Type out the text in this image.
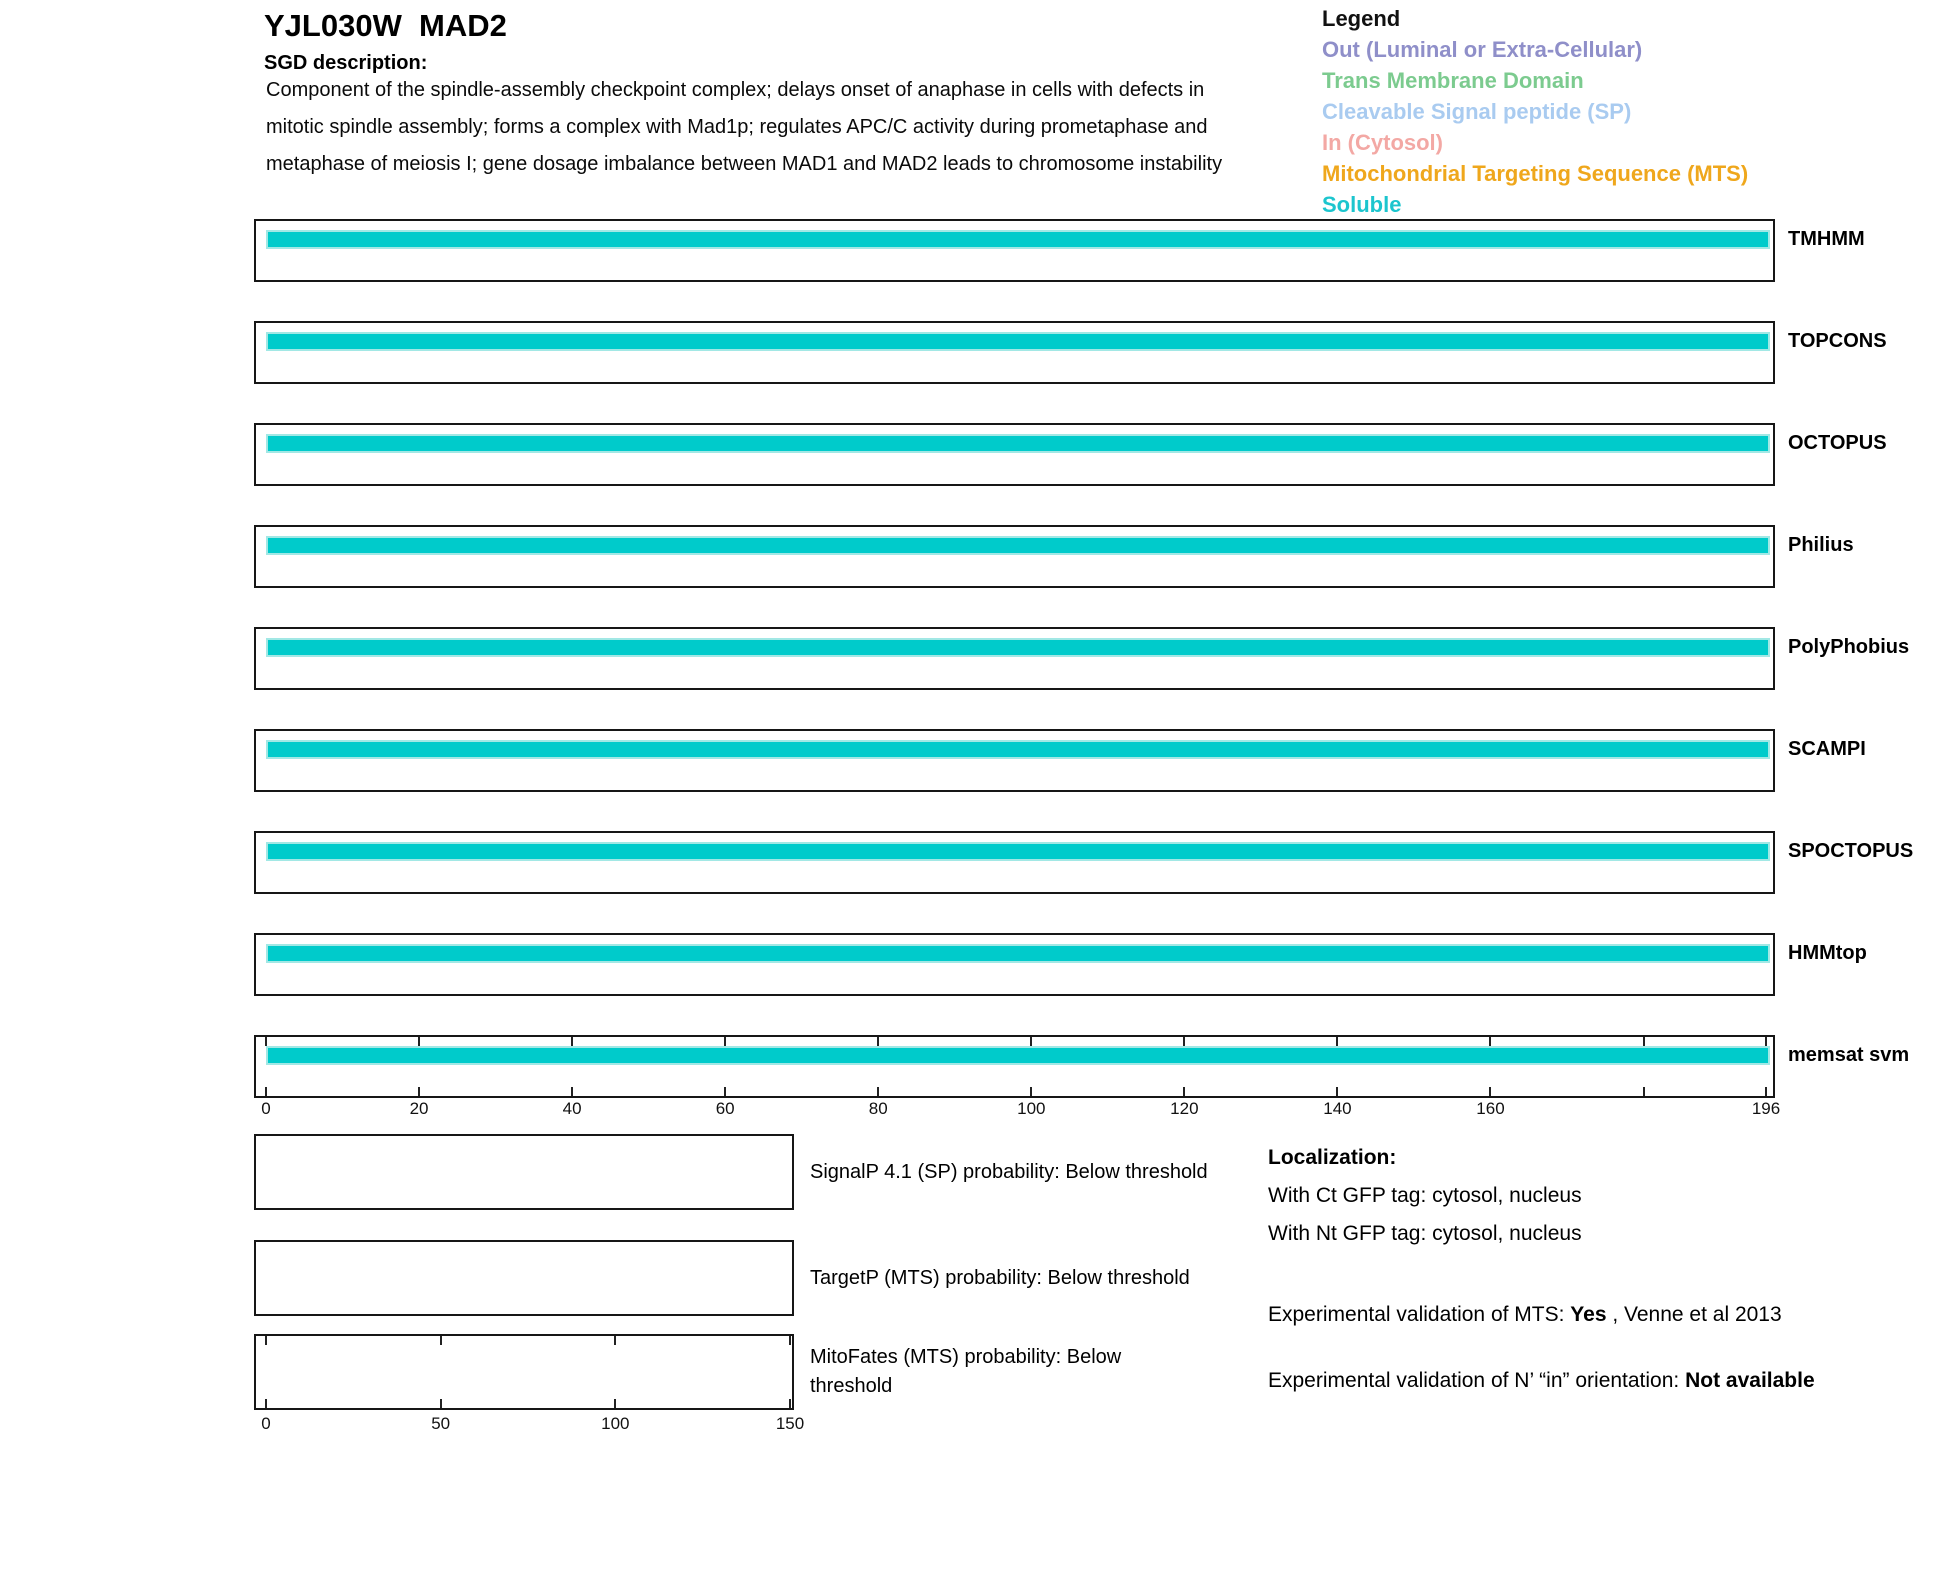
YJL030W  MAD2
SGD description:
Component of the spindle-assembly checkpoint complex; delays onset of anaphase in cells with defects in
mitotic spindle assembly; forms a complex with Mad1p; regulates APC/C activity during prometaphase and
metaphase of meiosis I; gene dosage imbalance between MAD1 and MAD2 leads to chromosome instability
Legend
Out (Luminal or Extra-Cellular)
Trans Membrane Domain
Cleavable Signal peptide (SP)
In (Cytosol)
Mitochondrial Targeting Sequence (MTS)
Soluble
Localization:
With Ct GFP tag: cytosol, nucleus
With Nt GFP tag: cytosol, nucleus
Experimental validation of MTS: Yes , Venne et al 2013
Experimental validation of N’ “in” orientation: Not available
TMHMM
TOPCONS
OCTOPUS
Philius
PolyPhobius
SCAMPI
SPOCTOPUS
HMMtop
memsat svm
0	20	40	60	80	100	120	140	160	196
SignalP 4.1 (SP) probability: Below threshold
TargetP (MTS) probability: Below threshold
0	50	100	150
MitoFates (MTS) probability: Below
threshold
